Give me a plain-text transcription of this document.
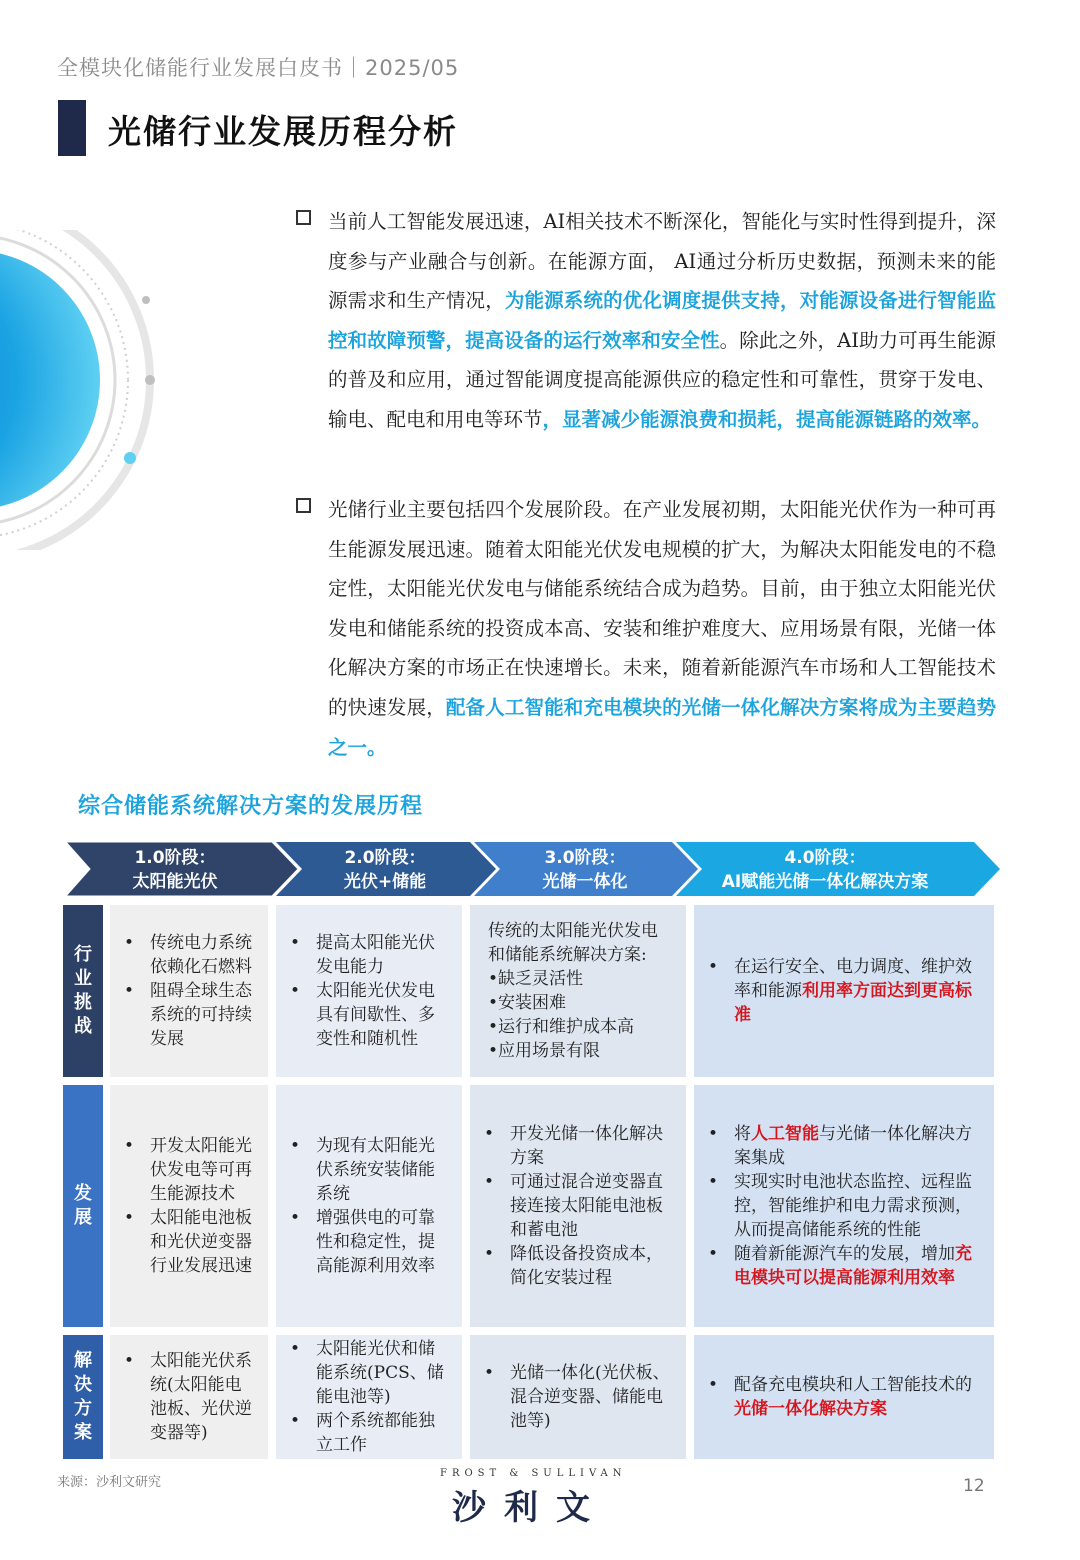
全模块化储能行业发展白皮书｜2025/05
光储行业发展历程分析
当前人工智能发展迅速，AI相关技术不断深化，智能化与实时性得到提升，深度参与产业融合与创新。在能源方面， AI通过分析历史数据，预测未来的能源需求和生产情况，为能源系统的优化调度提供支持，对能源设备进行智能监控和故障预警，提高设备的运行效率和安全性。除此之外，AI助力可再生能源的普及和应用，通过智能调度提高能源供应的稳定性和可靠性，贯穿于发电、输电、配电和用电等环节，显著减少能源浪费和损耗，提高能源链路的效率。
光储行业主要包括四个发展阶段。在产业发展初期，太阳能光伏作为一种可再生能源发展迅速。随着太阳能光伏发电规模的扩大，为解决太阳能发电的不稳定性，太阳能光伏发电与储能系统结合成为趋势。目前，由于独立太阳能光伏发电和储能系统的投资成本高、安装和维护难度大、应用场景有限，光储一体化解决方案的市场正在快速增长。未来，随着新能源汽车市场和人工智能技术的快速发展，配备人工智能和充电模块的光储一体化解决方案将成为主要趋势之一。
综合储能系统解决方案的发展历程
1.0阶段：
太阳能光伏
2.0阶段：
光伏+储能
3.0阶段：
光储一体化
4.0阶段：
AI赋能光储一体化解决方案
行业挑战
发展
解决方案
• 传统电力系统依赖化石燃料
• 阻碍全球生态系统的可持续发展
• 提高太阳能光伏发电能力
• 太阳能光伏发电具有间歇性、多变性和随机性
传统的太阳能光伏发电和储能系统解决方案:
•缺乏灵活性
•安装困难
•运行和维护成本高
•应用场景有限
• 在运行安全、电力调度、维护效率和能源利用率方面达到更高标准
• 开发太阳能光伏发电等可再生能源技术
• 太阳能电池板和光伏逆变器行业发展迅速
• 为现有太阳能光伏系统安装储能系统
• 增强供电的可靠性和稳定性，提高能源利用效率
• 开发光储一体化解决方案
• 可通过混合逆变器直接连接太阳能电池板和蓄电池
• 降低设备投资成本，简化安装过程
• 将人工智能与光储一体化解决方案集成
• 实现实时电池状态监控、远程监控，智能维护和电力需求预测，从而提高储能系统的性能
• 随着新能源汽车的发展，增加充电模块可以提高能源利用效率
• 太阳能光伏系统(太阳能电池板、光伏逆变器等)
• 太阳能光伏和储能系统(PCS、储能电池等)
• 两个系统都能独立工作
• 光储一体化(光伏板、混合逆变器、储能电池等)
• 配备充电模块和人工智能技术的光储一体化解决方案
来源：沙利文研究
FROST & SULLIVAN
沙利文
12
